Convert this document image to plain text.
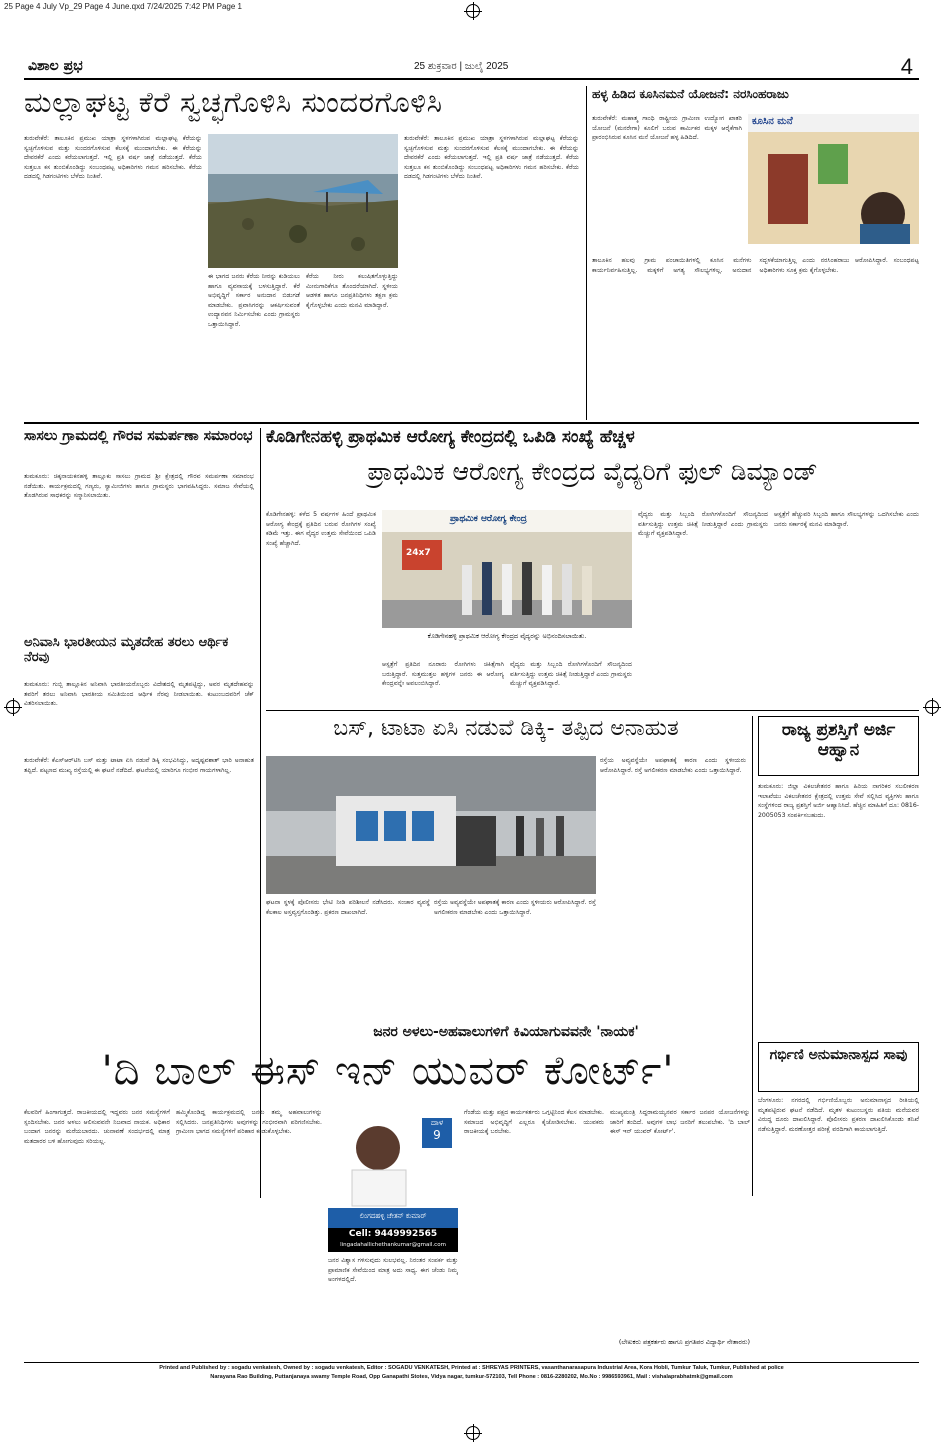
25 Page 4 July Vp_29 Page 4 June.qxd 7/24/2025 7:42 PM Page 1
ವಿಶಾಲ ಪ್ರಭ	25 ಶುಕ್ರವಾರ | ಜುಲೈ 2025	4
ಮಲ್ಲಾಘಟ್ಟ ಕೆರೆ ಸ್ವಚ್ಛಗೊಳಿಸಿ ಸುಂದರಗೊಳಿಸಿ
ತುರುವೇಕೆರೆ: ತಾಲೂಕಿನ ಪ್ರಮುಖ ಯಾತ್ರಾ ಸ್ಥಳಗಳಾಗಿರುವ ಮಲ್ಲಾಘಟ್ಟ ಕೆರೆಯನ್ನು ಸ್ವಚ್ಛಗೊಳಿಸುವ ಮತ್ತು ಸುಂದರಗೊಳಿಸುವ ಕೆಲಸಕ್ಕೆ ಮುಂದಾಗಬೇಕು. ಈ ಕೆರೆಯನ್ನು ದೇವರಕೆರೆ ಎಂದು ಕರೆಯಲಾಗುತ್ತದೆ. ಇಲ್ಲಿ ಪ್ರತಿ ವರ್ಷ ಜಾತ್ರೆ ನಡೆಯುತ್ತದೆ. ಕೆರೆಯ ಸುತ್ತಲೂ ಕಸ ತುಂಬಿಕೊಂಡಿದ್ದು ಸಂಬಂಧಪಟ್ಟ ಅಧಿಕಾರಿಗಳು ಗಮನ ಹರಿಸಬೇಕು. ಕೆರೆಯ ದಡದಲ್ಲಿ ಗಿಡಗಂಟಿಗಳು ಬೆಳೆದು ನಿಂತಿವೆ.
ಈ ಭಾಗದ ಜನರು ಕೆರೆಯ ನೀರನ್ನು ಕುಡಿಯಲು ಹಾಗೂ ವ್ಯವಸಾಯಕ್ಕೆ ಬಳಸುತ್ತಿದ್ದಾರೆ. ಕೆರೆ ಅಭಿವೃದ್ಧಿಗೆ ಸರ್ಕಾರ ಅನುದಾನ ಬಿಡುಗಡೆ ಮಾಡಬೇಕು. ಪ್ರವಾಸಿಗರನ್ನು ಆಕರ್ಷಿಸುವಂತೆ ಉದ್ಯಾನವನ ನಿರ್ಮಿಸಬೇಕು ಎಂದು ಗ್ರಾಮಸ್ಥರು ಒತ್ತಾಯಿಸಿದ್ದಾರೆ.
ಕೆರೆಯ ನೀರು ಕಲುಷಿತಗೊಳ್ಳುತ್ತಿದ್ದು ಮೀನುಗಾರಿಕೆಗೂ ತೊಂದರೆಯಾಗಿದೆ. ಸ್ಥಳೀಯ ಆಡಳಿತ ಹಾಗೂ ಜನಪ್ರತಿನಿಧಿಗಳು ತಕ್ಷಣ ಕ್ರಮ ಕೈಗೊಳ್ಳಬೇಕು ಎಂದು ಮನವಿ ಮಾಡಿದ್ದಾರೆ.
ತುರುವೇಕೆರೆ: ತಾಲೂಕಿನ ಪ್ರಮುಖ ಯಾತ್ರಾ ಸ್ಥಳಗಳಾಗಿರುವ ಮಲ್ಲಾಘಟ್ಟ ಕೆರೆಯನ್ನು ಸ್ವಚ್ಛಗೊಳಿಸುವ ಮತ್ತು ಸುಂದರಗೊಳಿಸುವ ಕೆಲಸಕ್ಕೆ ಮುಂದಾಗಬೇಕು. ಈ ಕೆರೆಯನ್ನು ದೇವರಕೆರೆ ಎಂದು ಕರೆಯಲಾಗುತ್ತದೆ. ಇಲ್ಲಿ ಪ್ರತಿ ವರ್ಷ ಜಾತ್ರೆ ನಡೆಯುತ್ತದೆ. ಕೆರೆಯ ಸುತ್ತಲೂ ಕಸ ತುಂಬಿಕೊಂಡಿದ್ದು ಸಂಬಂಧಪಟ್ಟ ಅಧಿಕಾರಿಗಳು ಗಮನ ಹರಿಸಬೇಕು. ಕೆರೆಯ ದಡದಲ್ಲಿ ಗಿಡಗಂಟಿಗಳು ಬೆಳೆದು ನಿಂತಿವೆ.
ಹಳ್ಳ ಹಿಡಿದ ಕೂಸಿನಮನೆ ಯೋಜನೆ: ನರಸಿಂಹರಾಜು
ತುರುವೇಕೆರೆ: ಮಹಾತ್ಮ ಗಾಂಧಿ ರಾಷ್ಟ್ರೀಯ ಗ್ರಾಮೀಣ ಉದ್ಯೋಗ ಖಾತರಿ ಯೋಜನೆ (ಮನರೇಗಾ) ಕೂಲಿಗೆ ಬರುವ ಕಾರ್ಮಿಕರ ಮಕ್ಕಳ ಆರೈಕೆಗಾಗಿ ಪ್ರಾರಂಭಿಸಿರುವ ಕೂಸಿನ ಮನೆ ಯೋಜನೆ ಹಳ್ಳ ಹಿಡಿದಿದೆ.
ಕೂಸಿನ ಮನೆ
ತಾಲೂಕಿನ ಹಲವು ಗ್ರಾಮ ಪಂಚಾಯಿತಿಗಳಲ್ಲಿ ಕೂಸಿನ ಮನೆಗಳು ಕಾರ್ಯನಿರ್ವಹಿಸುತ್ತಿಲ್ಲ. ಮಕ್ಕಳಿಗೆ ಅಗತ್ಯ ಸೌಲಭ್ಯಗಳಿಲ್ಲ. ಅನುದಾನ ಸದ್ಬಳಕೆಯಾಗುತ್ತಿಲ್ಲ ಎಂದು ನರಸಿಂಹರಾಜು ಆರೋಪಿಸಿದ್ದಾರೆ. ಸಂಬಂಧಪಟ್ಟ ಅಧಿಕಾರಿಗಳು ಸೂಕ್ತ ಕ್ರಮ ಕೈಗೊಳ್ಳಬೇಕು.
ಸಾಸಲು ಗ್ರಾಮದಲ್ಲಿ ಗೌರವ ಸಮರ್ಪಣಾ ಸಮಾರಂಭ
ತುಮಕೂರು: ಚಿಕ್ಕನಾಯಕನಹಳ್ಳಿ ತಾಲ್ಲೂಕು ಸಾಸಲು ಗ್ರಾಮದ ಶ್ರೀ ಕ್ಷೇತ್ರದಲ್ಲಿ ಗೌರವ ಸಮರ್ಪಣಾ ಸಮಾರಂಭ ನಡೆಯಿತು. ಕಾರ್ಯಕ್ರಮದಲ್ಲಿ ಗಣ್ಯರು, ಸ್ವಾಮೀಜಿಗಳು ಹಾಗೂ ಗ್ರಾಮಸ್ಥರು ಭಾಗವಹಿಸಿದ್ದರು. ಸಮಾಜ ಸೇವೆಯಲ್ಲಿ ತೊಡಗಿರುವ ಸಾಧಕರನ್ನು ಸನ್ಮಾನಿಸಲಾಯಿತು.
ಅನಿವಾಸಿ ಭಾರತೀಯನ ಮೃತದೇಹ ತರಲು ಆರ್ಥಿಕ ನೆರವು
ತುಮಕೂರು: ಗುಬ್ಬಿ ತಾಲ್ಲೂಕಿನ ಅನಿವಾಸಿ ಭಾರತೀಯರೊಬ್ಬರು ವಿದೇಶದಲ್ಲಿ ಮೃತಪಟ್ಟಿದ್ದು, ಅವರ ಮೃತದೇಹವನ್ನು ತವರಿಗೆ ತರಲು ಅನಿವಾಸಿ ಭಾರತೀಯ ಸಮಿತಿಯಿಂದ ಆರ್ಥಿಕ ನೆರವು ನೀಡಲಾಯಿತು. ಕುಟುಂಬದವರಿಗೆ ಚೆಕ್ ವಿತರಿಸಲಾಯಿತು.
ಕೊಡಿಗೇನಹಳ್ಳಿ ಪ್ರಾಥಮಿಕ ಆರೋಗ್ಯ ಕೇಂದ್ರದಲ್ಲಿ ಒಪಿಡಿ ಸಂಖ್ಯೆ ಹೆಚ್ಚಳ
ಪ್ರಾಥಮಿಕ ಆರೋಗ್ಯ ಕೇಂದ್ರದ ವೈದ್ಯರಿಗೆ ಫುಲ್ ಡಿಮ್ಯಾಂಡ್
ಕೊಡಿಗೇನಹಳ್ಳಿ: ಕಳೆದ 5 ವರ್ಷಗಳ ಹಿಂದೆ ಪ್ರಾಥಮಿಕ ಆರೋಗ್ಯ ಕೇಂದ್ರಕ್ಕೆ ಪ್ರತಿದಿನ ಬರುವ ರೋಗಿಗಳ ಸಂಖ್ಯೆ ಕಡಿಮೆ ಇತ್ತು. ಈಗ ವೈದ್ಯರ ಉತ್ತಮ ಸೇವೆಯಿಂದ ಒಪಿಡಿ ಸಂಖ್ಯೆ ಹೆಚ್ಚಾಗಿದೆ.
ಪ್ರಾಥಮಿಕ ಆರೋಗ್ಯ ಕೇಂದ್ರ
24x7
ಕೊಡಿಗೇನಹಳ್ಳಿ ಪ್ರಾಥಮಿಕ ಆರೋಗ್ಯ ಕೇಂದ್ರದ ವೈದ್ಯರನ್ನು ಅಭಿನಂದಿಸಲಾಯಿತು.
ಆಸ್ಪತ್ರೆಗೆ ಪ್ರತಿದಿನ ನೂರಾರು ರೋಗಿಗಳು ಚಿಕಿತ್ಸೆಗಾಗಿ ಬರುತ್ತಿದ್ದಾರೆ. ಸುತ್ತಮುತ್ತಲ ಹಳ್ಳಿಗಳ ಜನರು ಈ ಆರೋಗ್ಯ ಕೇಂದ್ರವನ್ನೇ ಅವಲಂಬಿಸಿದ್ದಾರೆ.
ವೈದ್ಯರು ಮತ್ತು ಸಿಬ್ಬಂದಿ ರೋಗಿಗಳೊಂದಿಗೆ ಸೌಜನ್ಯದಿಂದ ವರ್ತಿಸುತ್ತಿದ್ದು ಉತ್ತಮ ಚಿಕಿತ್ಸೆ ನೀಡುತ್ತಿದ್ದಾರೆ ಎಂದು ಗ್ರಾಮಸ್ಥರು ಮೆಚ್ಚುಗೆ ವ್ಯಕ್ತಪಡಿಸಿದ್ದಾರೆ.
ವೈದ್ಯರು ಮತ್ತು ಸಿಬ್ಬಂದಿ ರೋಗಿಗಳೊಂದಿಗೆ ಸೌಜನ್ಯದಿಂದ ವರ್ತಿಸುತ್ತಿದ್ದು ಉತ್ತಮ ಚಿಕಿತ್ಸೆ ನೀಡುತ್ತಿದ್ದಾರೆ ಎಂದು ಗ್ರಾಮಸ್ಥರು ಮೆಚ್ಚುಗೆ ವ್ಯಕ್ತಪಡಿಸಿದ್ದಾರೆ.
ಆಸ್ಪತ್ರೆಗೆ ಹೆಚ್ಚುವರಿ ಸಿಬ್ಬಂದಿ ಹಾಗೂ ಸೌಲಭ್ಯಗಳನ್ನು ಒದಗಿಸಬೇಕು ಎಂದು ಜನರು ಸರ್ಕಾರಕ್ಕೆ ಮನವಿ ಮಾಡಿದ್ದಾರೆ.
ಬಸ್, ಟಾಟಾ ಏಸಿ ನಡುವೆ ಡಿಕ್ಕಿ- ತಪ್ಪಿದ ಅನಾಹುತ
ತುರುವೇಕೆರೆ: ಕೆಎಸ್‌ಆರ್‌ಟಿಸಿ ಬಸ್ ಮತ್ತು ಟಾಟಾ ಏಸಿ ನಡುವೆ ಡಿಕ್ಕಿ ಸಂಭವಿಸಿದ್ದು, ಅದೃಷ್ಟವಶಾತ್ ಭಾರಿ ಅನಾಹುತ ತಪ್ಪಿದೆ. ಪಟ್ಟಣದ ಮುಖ್ಯ ರಸ್ತೆಯಲ್ಲಿ ಈ ಘಟನೆ ನಡೆದಿದೆ. ಘಟನೆಯಲ್ಲಿ ಯಾರಿಗೂ ಗಂಭೀರ ಗಾಯಗಳಾಗಿಲ್ಲ.
ರಸ್ತೆಯ ಅವ್ಯವಸ್ಥೆಯೇ ಅಪಘಾತಕ್ಕೆ ಕಾರಣ ಎಂದು ಸ್ಥಳೀಯರು ಆರೋಪಿಸಿದ್ದಾರೆ. ರಸ್ತೆ ಅಗಲೀಕರಣ ಮಾಡಬೇಕು ಎಂದು ಒತ್ತಾಯಿಸಿದ್ದಾರೆ.
ಘಟನಾ ಸ್ಥಳಕ್ಕೆ ಪೊಲೀಸರು ಭೇಟಿ ನೀಡಿ ಪರಿಶೀಲನೆ ನಡೆಸಿದರು. ಸಂಚಾರ ವ್ಯವಸ್ಥೆ ಕೆಲಕಾಲ ಅಸ್ತವ್ಯಸ್ತಗೊಂಡಿತ್ತು. ಪ್ರಕರಣ ದಾಖಲಾಗಿದೆ.
ರಸ್ತೆಯ ಅವ್ಯವಸ್ಥೆಯೇ ಅಪಘಾತಕ್ಕೆ ಕಾರಣ ಎಂದು ಸ್ಥಳೀಯರು ಆರೋಪಿಸಿದ್ದಾರೆ. ರಸ್ತೆ ಅಗಲೀಕರಣ ಮಾಡಬೇಕು ಎಂದು ಒತ್ತಾಯಿಸಿದ್ದಾರೆ.
ರಾಜ್ಯ ಪ್ರಶಸ್ತಿಗೆ ಅರ್ಜಿ ಆಹ್ವಾನ
ತುಮಕೂರು: ಜಿಲ್ಲಾ ವಿಕಲಚೇತನರ ಹಾಗೂ ಹಿರಿಯ ನಾಗರಿಕರ ಸಬಲೀಕರಣ ಇಲಾಖೆಯು ವಿಕಲಚೇತನರ ಕ್ಷೇತ್ರದಲ್ಲಿ ಉತ್ತಮ ಸೇವೆ ಸಲ್ಲಿಸಿದ ವ್ಯಕ್ತಿಗಳು ಹಾಗೂ ಸಂಸ್ಥೆಗಳಿಂದ ರಾಜ್ಯ ಪ್ರಶಸ್ತಿಗೆ ಅರ್ಜಿ ಆಹ್ವಾನಿಸಿದೆ. ಹೆಚ್ಚಿನ ಮಾಹಿತಿಗೆ ದೂ: 0816-2005053 ಸಂಪರ್ಕಿಸಬಹುದು.
ಜನರ ಅಳಲು-ಅಹವಾಲುಗಳಿಗೆ ಕಿವಿಯಾಗುವವನೇ 'ನಾಯಕ'
'ದಿ ಬಾಲ್ ಈಸ್ ಇನ್ ಯುವರ್ ಕೋರ್ಟ್'
ಕೆಲವರಿಗೆ ಹಿಂಗಾಗುತ್ತದೆ. ರಾಜಕೀಯದಲ್ಲಿ ಇದ್ದವರು ಜನರ ಸಮಸ್ಯೆಗಳಿಗೆ ಸ್ಪಂದಿಸಬೇಕು. ಜನರ ಅಳಲು ಆಲಿಸುವವನೇ ನಿಜವಾದ ನಾಯಕ. ಅಧಿಕಾರ ಬಂದಾಗ ಜನರನ್ನು ಮರೆಯಬಾರದು. ಚುನಾವಣೆ ಸಂದರ್ಭದಲ್ಲಿ ಮಾತ್ರ ಮತದಾರರ ಬಳಿ ಹೋಗುವುದು ಸರಿಯಲ್ಲ.
ಹಮ್ಮಿಕೊಂಡಿದ್ದ ಕಾರ್ಯಕ್ರಮದಲ್ಲಿ ಜನರು ತಮ್ಮ ಅಹವಾಲುಗಳನ್ನು ಸಲ್ಲಿಸಿದರು. ಜನಪ್ರತಿನಿಧಿಗಳು ಅವುಗಳನ್ನು ಗಂಭೀರವಾಗಿ ಪರಿಗಣಿಸಬೇಕು. ಗ್ರಾಮೀಣ ಭಾಗದ ಸಮಸ್ಯೆಗಳಿಗೆ ಪರಿಹಾರ ಕಂಡುಕೊಳ್ಳಬೇಕು.
ದಾಳ
9
ಲಿಂಗದಹಳ್ಳಿ ಚೇತನ್ ಕುಮಾರ್
Cell: 9449992565
lingadahallichethankumar@gmail.com
ಜನರ ವಿಶ್ವಾಸ ಗಳಿಸುವುದು ಸುಲಭವಲ್ಲ. ನಿರಂತರ ಸಂಪರ್ಕ ಮತ್ತು ಪ್ರಾಮಾಣಿಕ ಸೇವೆಯಿಂದ ಮಾತ್ರ ಅದು ಸಾಧ್ಯ. ಈಗ ಚೆಂಡು ನಿಮ್ಮ ಅಂಗಳದಲ್ಲಿದೆ.
ಗೆಂಡೆಯ ಮತ್ತು ಪಕ್ಷದ ಕಾರ್ಯಕರ್ತರು ಒಗ್ಗಟ್ಟಿನಿಂದ ಕೆಲಸ ಮಾಡಬೇಕು. ಸಮಾಜದ ಅಭಿವೃದ್ಧಿಗೆ ಎಲ್ಲರೂ ಕೈಜೋಡಿಸಬೇಕು. ಯುವಕರು ರಾಜಕೀಯಕ್ಕೆ ಬರಬೇಕು.
ಮುಖ್ಯಮಂತ್ರಿ ಸಿದ್ದರಾಮಯ್ಯನವರ ಸರ್ಕಾರ ಜನಪರ ಯೋಜನೆಗಳನ್ನು ಜಾರಿಗೆ ತಂದಿದೆ. ಅವುಗಳ ಲಾಭ ಜನರಿಗೆ ತಲುಪಬೇಕು. 'ದಿ ಬಾಲ್ ಈಸ್ ಇನ್ ಯುವರ್ ಕೋರ್ಟ್'.
(ಲೇಖಕರು ಪತ್ರಕರ್ತರು ಹಾಗೂ ಪ್ರಗತಿಪರ ವಿದ್ಯಾರ್ಥಿ ನೇತಾರರು)
ಗರ್ಭಿಣಿ ಅನುಮಾನಾಸ್ಪದ ಸಾವು
ಬೆಂಗಳೂರು: ನಗರದಲ್ಲಿ ಗರ್ಭಿಣಿಯೊಬ್ಬರು ಅನುಮಾನಾಸ್ಪದ ರೀತಿಯಲ್ಲಿ ಮೃತಪಟ್ಟಿರುವ ಘಟನೆ ನಡೆದಿದೆ. ಮೃತಳ ಕುಟುಂಬಸ್ಥರು ಪತಿಯ ಮನೆಯವರ ವಿರುದ್ಧ ದೂರು ದಾಖಲಿಸಿದ್ದಾರೆ. ಪೊಲೀಸರು ಪ್ರಕರಣ ದಾಖಲಿಸಿಕೊಂಡು ತನಿಖೆ ನಡೆಸುತ್ತಿದ್ದಾರೆ. ಮರಣೋತ್ತರ ಪರೀಕ್ಷೆ ವರದಿಗಾಗಿ ಕಾಯಲಾಗುತ್ತಿದೆ.
Printed and Published by : sogadu venkatesh, Owned by : sogadu venkatesh, Editor : SOGADU VENKATESH, Printed at : SHREYAS PRINTERS, vasanthanarasapura Industrial Area, Kora Hobli, Tumkur Taluk, Tumkur, Published at police
Narayana Rao Building, Puttanjanaya swamy Temple Road, Opp Ganapathi Stotes, Vidya nagar, tumkur-572103, Tell Phone : 0816-2280202, Mo.No : 9986593961, Mail : vishalaprabhatmk@gmail.com
